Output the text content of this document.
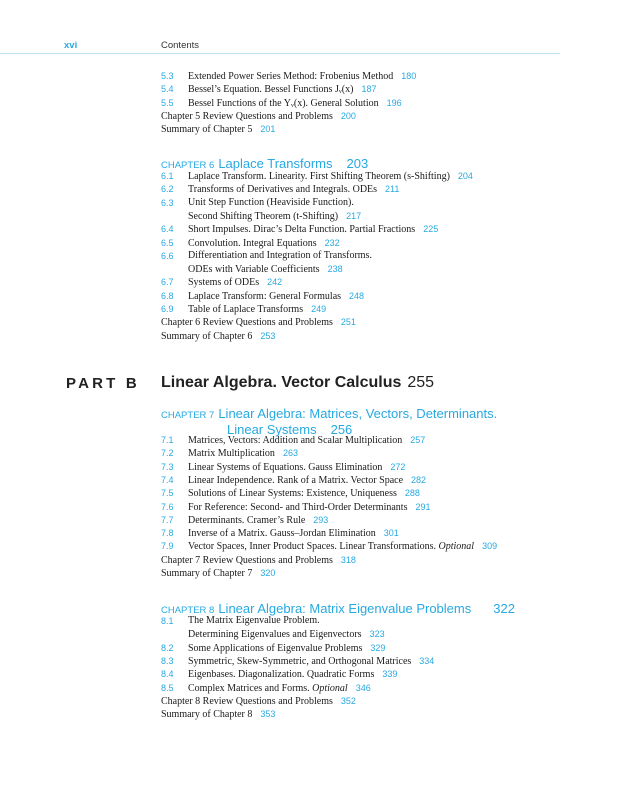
xvi	Contents
5.3 Extended Power Series Method: Frobenius Method 180
5.4 Bessel’s Equation. Bessel Functions Jᵥ(x) 187
5.5 Bessel Functions of the Yᵥ(x). General Solution 196
Chapter 5 Review Questions and Problems 200
Summary of Chapter 5 201
CHAPTER 6 Laplace Transforms 203
6.1 Laplace Transform. Linearity. First Shifting Theorem (s-Shifting) 204
6.2 Transforms of Derivatives and Integrals. ODEs 211
6.3 Unit Step Function (Heaviside Function).
Second Shifting Theorem (t-Shifting) 217
6.4 Short Impulses. Dirac’s Delta Function. Partial Fractions 225
6.5 Convolution. Integral Equations 232
6.6 Differentiation and Integration of Transforms.
ODEs with Variable Coefficients 238
6.7 Systems of ODEs 242
6.8 Laplace Transform: General Formulas 248
6.9 Table of Laplace Transforms 249
Chapter 6 Review Questions and Problems 251
Summary of Chapter 6 253
PART B Linear Algebra. Vector Calculus 255
CHAPTER 7 Linear Algebra: Matrices, Vectors, Determinants.
Linear Systems 256
7.1 Matrices, Vectors: Addition and Scalar Multiplication 257
7.2 Matrix Multiplication 263
7.3 Linear Systems of Equations. Gauss Elimination 272
7.4 Linear Independence. Rank of a Matrix. Vector Space 282
7.5 Solutions of Linear Systems: Existence, Uniqueness 288
7.6 For Reference: Second- and Third-Order Determinants 291
7.7 Determinants. Cramer’s Rule 293
7.8 Inverse of a Matrix. Gauss–Jordan Elimination 301
7.9 Vector Spaces, Inner Product Spaces. Linear Transformations. Optional 309
Chapter 7 Review Questions and Problems 318
Summary of Chapter 7 320
CHAPTER 8 Linear Algebra: Matrix Eigenvalue Problems 322
8.1 The Matrix Eigenvalue Problem.
Determining Eigenvalues and Eigenvectors 323
8.2 Some Applications of Eigenvalue Problems 329
8.3 Symmetric, Skew-Symmetric, and Orthogonal Matrices 334
8.4 Eigenbases. Diagonalization. Quadratic Forms 339
8.5 Complex Matrices and Forms. Optional 346
Chapter 8 Review Questions and Problems 352
Summary of Chapter 8 353
